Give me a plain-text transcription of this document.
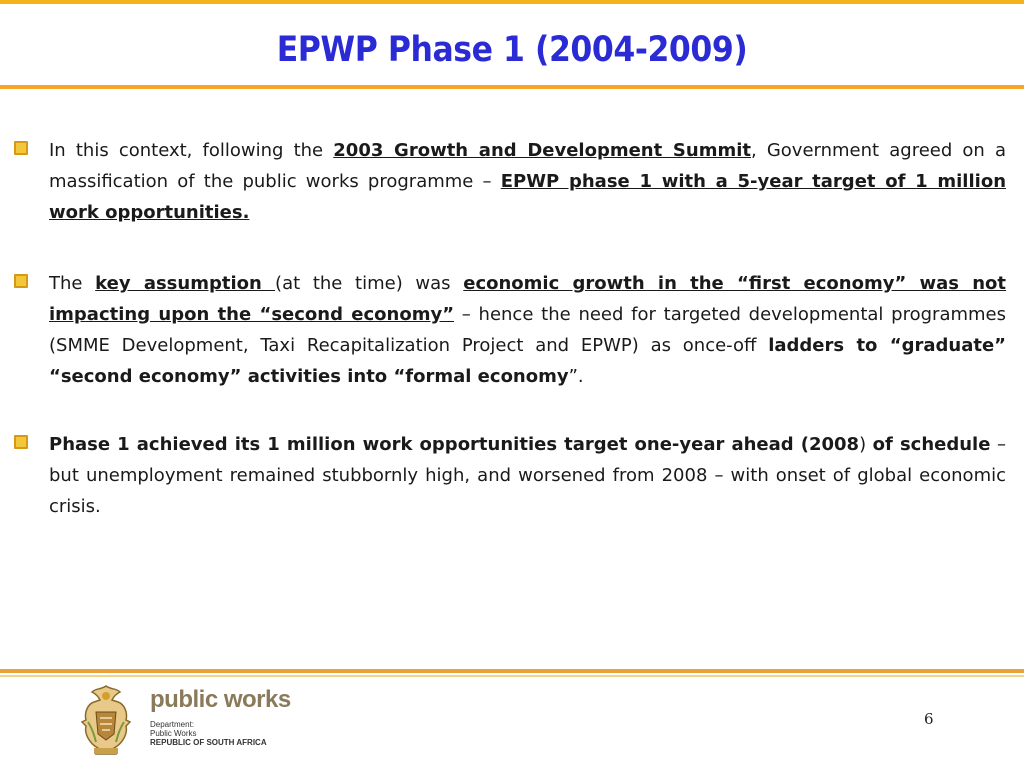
EPWP Phase 1 (2004-2009)
In this context, following the 2003 Growth and Development Summit, Government agreed on a massification of the public works programme – EPWP phase 1 with a 5-year target of 1 million work opportunities.
The key assumption (at the time) was economic growth in the “first economy” was not impacting upon the “second economy” – hence the need for targeted developmental programmes (SMME Development, Taxi Recapitalization Project and EPWP) as once-off ladders to “graduate” “second economy” activities into “formal economy”.
Phase 1 achieved its 1 million work opportunities target one-year ahead (2008) of schedule – but unemployment remained stubbornly high, and worsened from 2008 – with onset of global economic crisis.
public works
Department:
Public Works
REPUBLIC OF SOUTH AFRICA
6
